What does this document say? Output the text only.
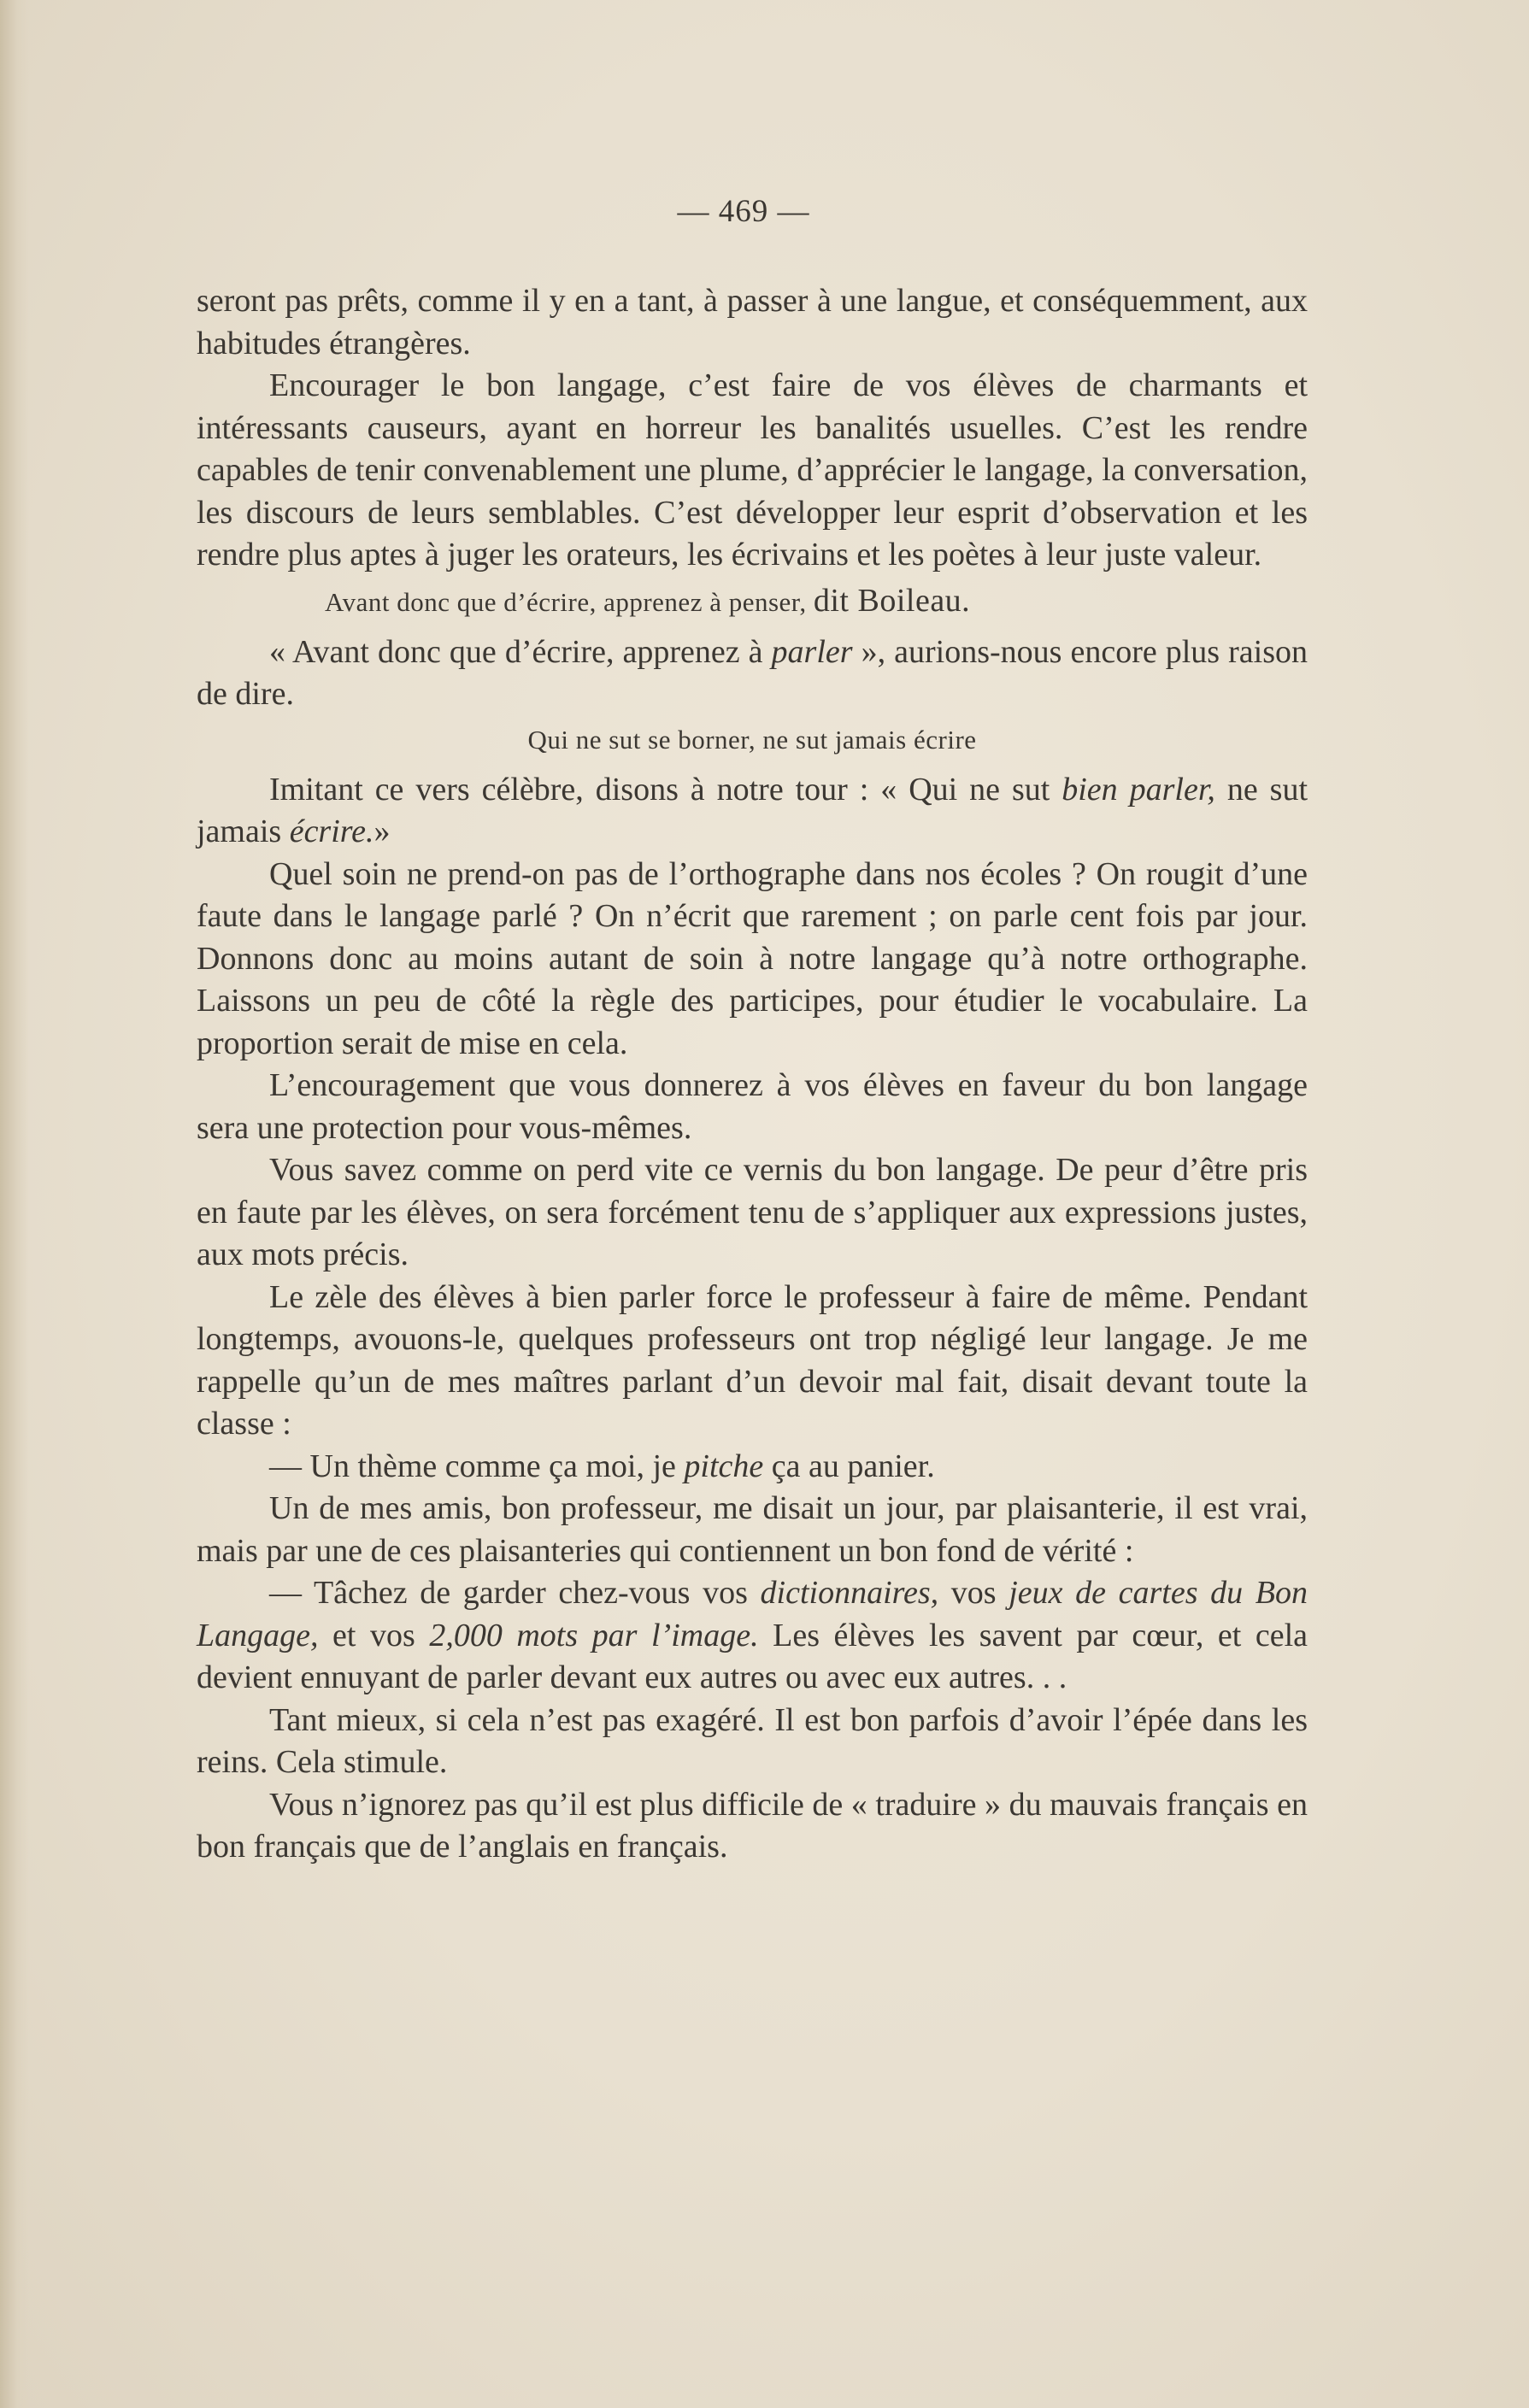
— 469 —

seront pas prêts, comme il y en a tant, à passer à une langue, et conséquemment, aux habitudes étrangères.

Encourager le bon langage, c’est faire de vos élèves de charmants et intéressants causeurs, ayant en horreur les banalités usuelles. C’est les rendre capables de tenir convenablement une plume, d’apprécier le langage, la conversation, les discours de leurs semblables. C’est développer leur esprit d’observation et les rendre plus aptes à juger les orateurs, les écrivains et les poètes à leur juste valeur.

Avant donc que d’écrire, apprenez à penser, dit Boileau.

« Avant donc que d’écrire, apprenez à parler », aurions-nous encore plus raison de dire.

Qui ne sut se borner, ne sut jamais écrire

Imitant ce vers célèbre, disons à notre tour : « Qui ne sut bien parler, ne sut jamais écrire.»

Quel soin ne prend-on pas de l’orthographe dans nos écoles ? On rougit d’une faute dans le langage parlé ? On n’écrit que rarement ; on parle cent fois par jour. Donnons donc au moins autant de soin à notre langage qu’à notre orthographe. Laissons un peu de côté la règle des participes, pour étudier le vocabulaire. La proportion serait de mise en cela.

L’encouragement que vous donnerez à vos élèves en faveur du bon langage sera une protection pour vous-mêmes.

Vous savez comme on perd vite ce vernis du bon langage. De peur d’être pris en faute par les élèves, on sera forcément tenu de s’appliquer aux expressions justes, aux mots précis.

Le zèle des élèves à bien parler force le professeur à faire de même. Pendant longtemps, avouons-le, quelques professeurs ont trop négligé leur langage. Je me rappelle qu’un de mes maîtres parlant d’un devoir mal fait, disait devant toute la classe :

— Un thème comme ça moi, je pitche ça au panier.

Un de mes amis, bon professeur, me disait un jour, par plaisanterie, il est vrai, mais par une de ces plaisanteries qui contiennent un bon fond de vérité :

— Tâchez de garder chez-vous vos dictionnaires, vos jeux de cartes du Bon Langage, et vos 2,000 mots par l’image. Les élèves les savent par cœur, et cela devient ennuyant de parler devant eux autres ou avec eux autres. . .

Tant mieux, si cela n’est pas exagéré. Il est bon parfois d’avoir l’épée dans les reins. Cela stimule.

Vous n’ignorez pas qu’il est plus difficile de « traduire » du mauvais français en bon français que de l’anglais en français.
